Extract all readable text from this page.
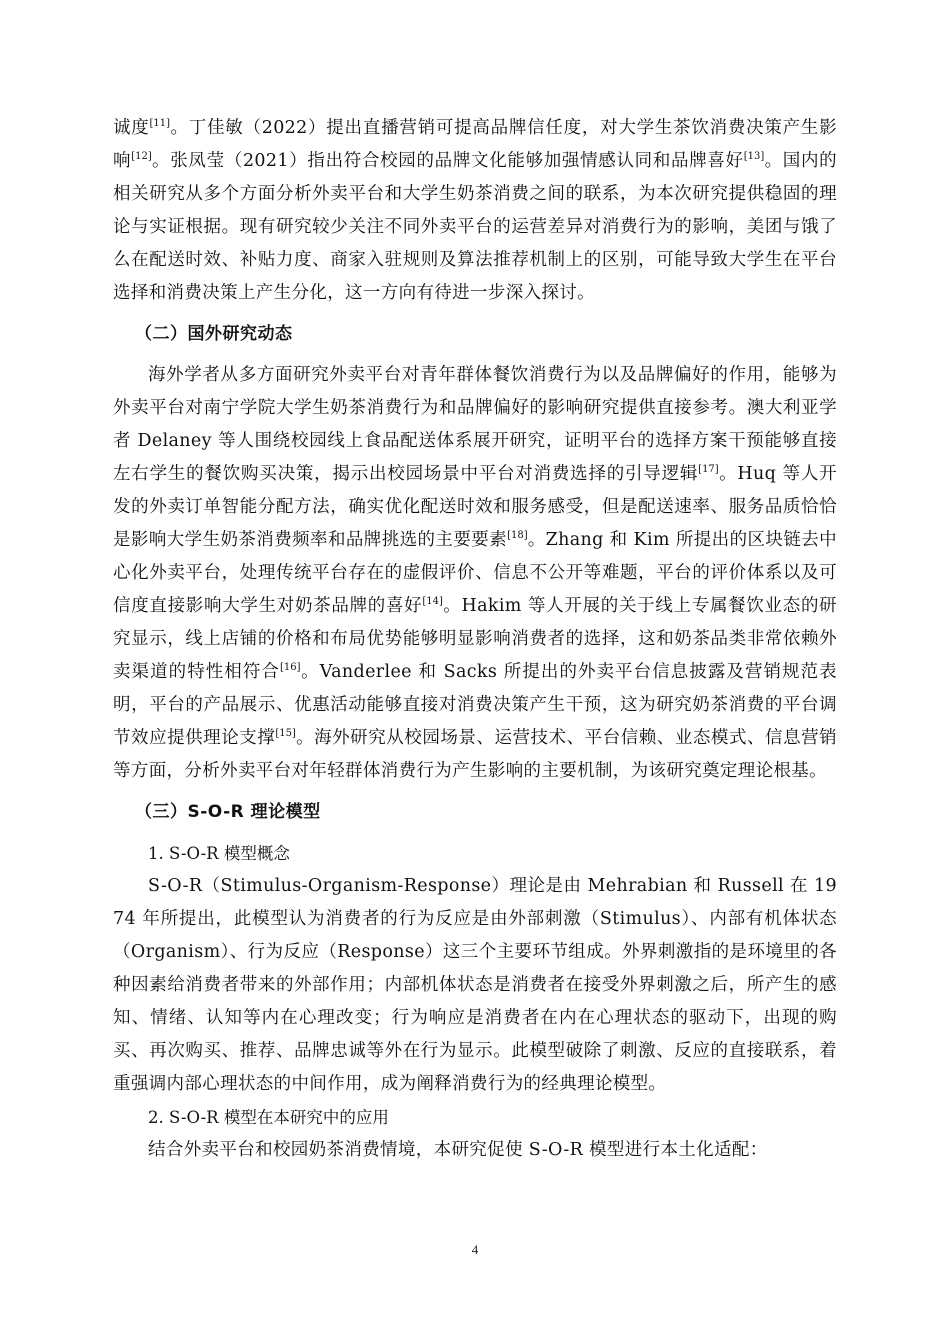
诚度[11]。丁佳敏（2022）提出直播营销可提高品牌信任度，对大学生茶饮消费决策产生影响[12]。张凤莹（2021）指出符合校园的品牌文化能够加强情感认同和品牌喜好[13]。国内的相关研究从多个方面分析外卖平台和大学生奶茶消费之间的联系，为本次研究提供稳固的理论与实证根据。现有研究较少关注不同外卖平台的运营差异对消费行为的影响，美团与饿了么在配送时效、补贴力度、商家入驻规则及算法推荐机制上的区别，可能导致大学生在平台选择和消费决策上产生分化，这一方向有待进一步深入探讨。

（二）国外研究动态

海外学者从多方面研究外卖平台对青年群体餐饮消费行为以及品牌偏好的作用，能够为外卖平台对南宁学院大学生奶茶消费行为和品牌偏好的影响研究提供直接参考。澳大利亚学者 Delaney 等人围绕校园线上食品配送体系展开研究，证明平台的选择方案干预能够直接左右学生的餐饮购买决策，揭示出校园场景中平台对消费选择的引导逻辑[17]。Huq 等人开发的外卖订单智能分配方法，确实优化配送时效和服务感受，但是配送速率、服务品质恰恰是影响大学生奶茶消费频率和品牌挑选的主要要素[18]。Zhang 和 Kim 所提出的区块链去中心化外卖平台，处理传统平台存在的虚假评价、信息不公开等难题，平台的评价体系以及可信度直接影响大学生对奶茶品牌的喜好[14]。Hakim 等人开展的关于线上专属餐饮业态的研究显示，线上店铺的价格和布局优势能够明显影响消费者的选择，这和奶茶品类非常依赖外卖渠道的特性相符合[16]。Vanderlee 和 Sacks 所提出的外卖平台信息披露及营销规范表明，平台的产品展示、优惠活动能够直接对消费决策产生干预，这为研究奶茶消费的平台调节效应提供理论支撑[15]。海外研究从校园场景、运营技术、平台信赖、业态模式、信息营销等方面，分析外卖平台对年轻群体消费行为产生影响的主要机制，为该研究奠定理论根基。

（三）S-O-R 理论模型

1. S-O-R 模型概念

S-O-R（Stimulus-Organism-Response）理论是由 Mehrabian 和 Russell 在 1974 年所提出，此模型认为消费者的行为反应是由外部刺激（Stimulus）、内部有机体状态（Organism）、行为反应（Response）这三个主要环节组成。外界刺激指的是环境里的各种因素给消费者带来的外部作用；内部机体状态是消费者在接受外界刺激之后，所产生的感知、情绪、认知等内在心理改变；行为响应是消费者在内在心理状态的驱动下，出现的购买、再次购买、推荐、品牌忠诚等外在行为显示。此模型破除了刺激、反应的直接联系，着重强调内部心理状态的中间作用，成为阐释消费行为的经典理论模型。

2. S-O-R 模型在本研究中的应用

结合外卖平台和校园奶茶消费情境，本研究促使 S-O-R 模型进行本土化适配：

4
